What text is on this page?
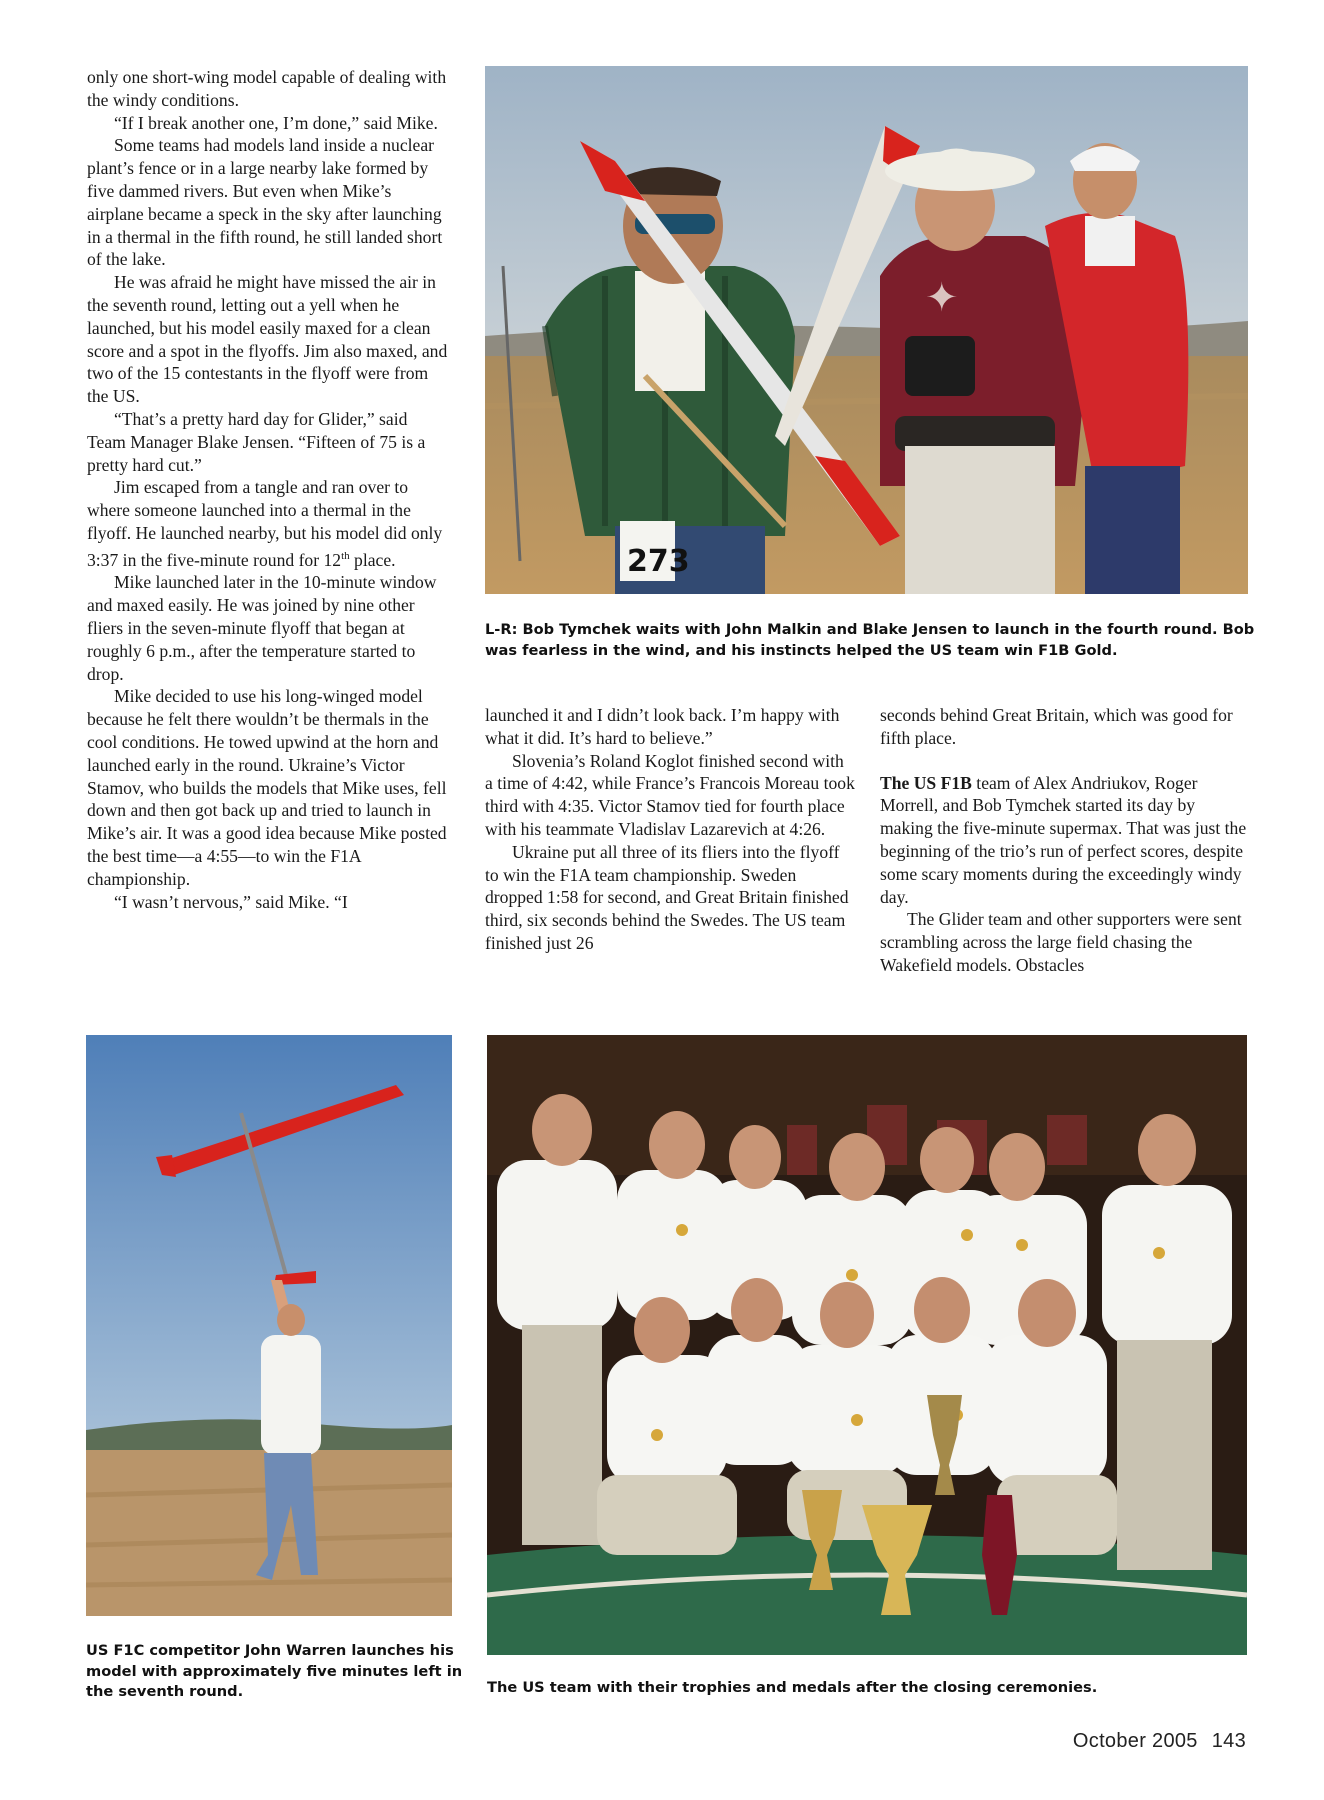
only one short-wing model capable of dealing with the windy conditions.

“If I break another one, I’m done,” said Mike.

Some teams had models land inside a nuclear plant’s fence or in a large nearby lake formed by five dammed rivers. But even when Mike’s airplane became a speck in the sky after launching in a thermal in the fifth round, he still landed short of the lake.

He was afraid he might have missed the air in the seventh round, letting out a yell when he launched, but his model easily maxed for a clean score and a spot in the flyoffs. Jim also maxed, and two of the 15 contestants in the flyoff were from the US.

“That’s a pretty hard day for Glider,” said Team Manager Blake Jensen. “Fifteen of 75 is a pretty hard cut.”

Jim escaped from a tangle and ran over to where someone launched into a thermal in the flyoff. He launched nearby, but his model did only 3:37 in the five-minute round for 12th place.

Mike launched later in the 10-minute window and maxed easily. He was joined by nine other fliers in the seven-minute flyoff that began at roughly 6 p.m., after the temperature started to drop.

Mike decided to use his long-winged model because he felt there wouldn’t be thermals in the cool conditions. He towed upwind at the horn and launched early in the round. Ukraine’s Victor Stamov, who builds the models that Mike uses, fell down and then got back up and tried to launch in Mike’s air. It was a good idea because Mike posted the best time—a 4:55—to win the F1A championship.

“I wasn’t nervous,” said Mike. “I

launched it and I didn’t look back. I’m happy with what it did. It’s hard to believe.”

Slovenia’s Roland Koglot finished second with a time of 4:42, while France’s Francois Moreau took third with 4:35. Victor Stamov tied for fourth place with his teammate Vladislav Lazarevich at 4:26.

Ukraine put all three of its fliers into the flyoff to win the F1A team championship. Sweden dropped 1:58 for second, and Great Britain finished third, six seconds behind the Swedes. The US team finished just 26

seconds behind Great Britain, which was good for fifth place.

The US F1B team of Alex Andriukov, Roger Morrell, and Bob Tymchek started its day by making the five-minute supermax. That was just the beginning of the trio’s run of perfect scores, despite some scary moments during the exceedingly windy day.

The Glider team and other supporters were sent scrambling across the large field chasing the Wakefield models. Obstacles

273
✦
L-R: Bob Tymchek waits with John Malkin and Blake Jensen to launch in the fourth round. Bob was fearless in the wind, and his instincts helped the US team win F1B Gold.
US F1C competitor John Warren launches his model with approximately five minutes left in the seventh round.	The US team with their trophies and medals after the closing ceremonies.
October 2005 143
